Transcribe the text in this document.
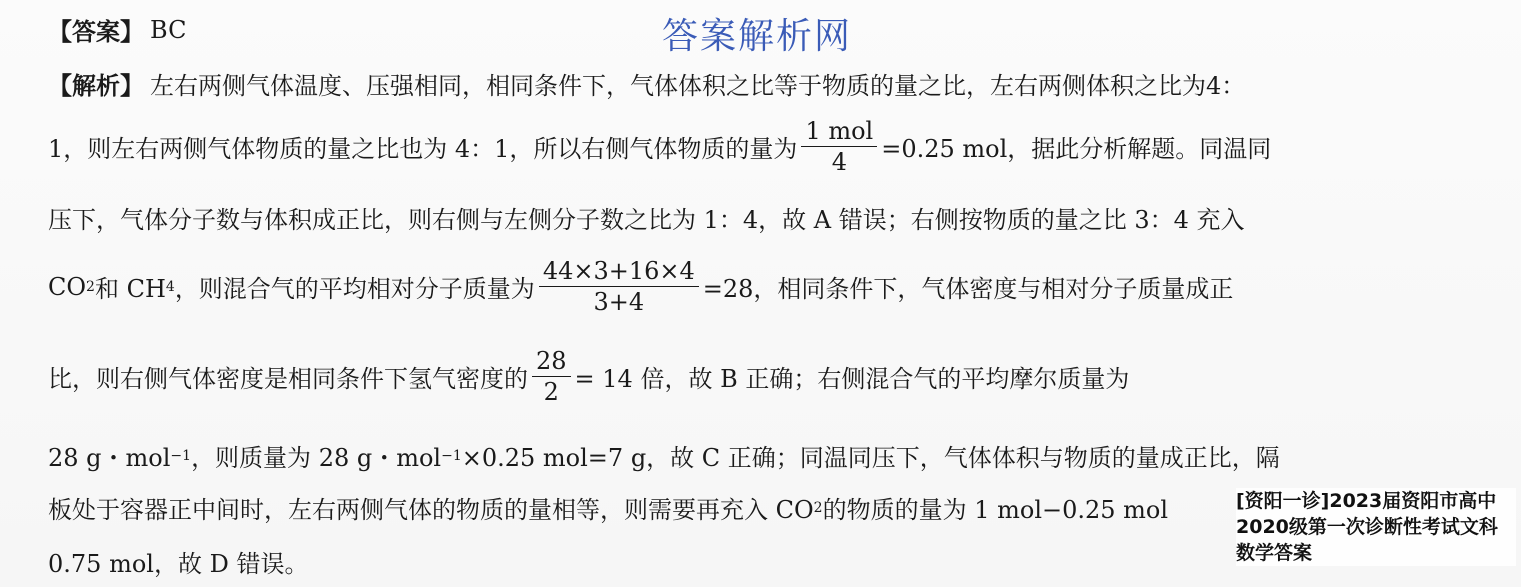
答案解析网
【答案】 BC
【解析】 左右两侧气体温度、压强相同，相同条件下，气体体积之比等于物质的量之比，左右两侧体积之比为4：
1，则左右两侧气体物质的量之比也为 4：1，所以右侧气体物质的量为 $\frac{\text{1 mol}}{4} =0.25$ mol，据此分析解题。同温同
压下，气体分子数与体积成正比，则右侧与左侧分子数之比为 1：4，故 A 错误；右侧按物质的量之比 3：4 充入
CO 2 和 CH 4 ，则混合气的平均相对分子质量为 $\frac{44\times 3+16\times 4}{3+4} =28$，相同条件下，气体密度与相对分子质量成正
比，则右侧气体密度是相同条件下氢气密度的 $\frac{28}{2} = 14$ 倍，故 B 正确；右侧混合气的平均摩尔质量为
28 g・mol −1 ，则质量为 28 g・mol −1 ×0.25 mol=7 g，故 C 正确；同温同压下，气体体积与物质的量成正比，隔
板处于容器正中间时，左右两侧气体的物质的量相等，则需要再充入 CO 2 的物质的量为 1 mol−0.25 mol
0.75 mol，故 D 错误。
[资阳一诊]2023届资阳市高中2020级第一次诊断性考试文科数学答案
